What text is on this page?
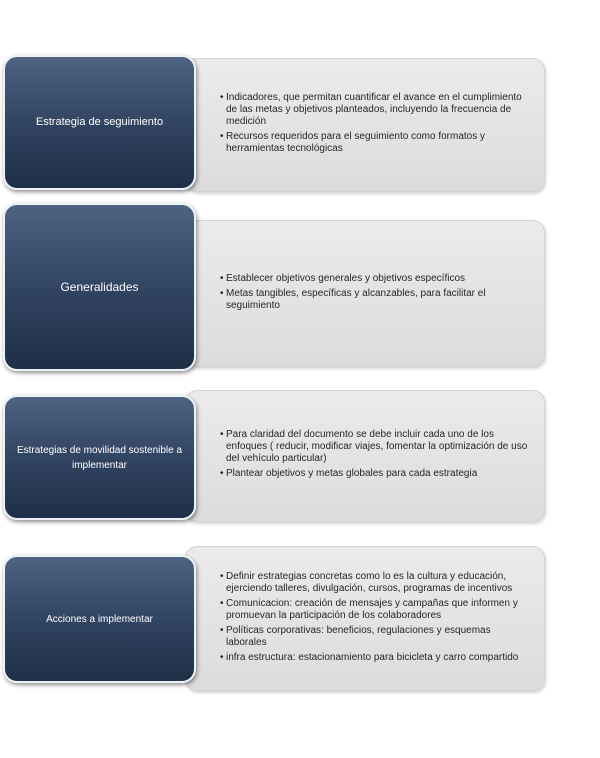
• Indicadores, que permitan cuantificar el avance en el cumplimiento de las metas y objetivos planteados, incluyendo la frecuencia de medición
• Recursos requeridos para el seguimiento como formatos y herramientas tecnológicas
Estrategia de seguimiento
• Establecer objetivos generales y objetivos específicos
• Metas tangibles, específicas y alcanzables, para facilitar el seguimiento
Generalidades
• Para claridad del documento se debe incluir cada uno de los enfoques ( reducir, modificar viajes, fomentar la optimización de uso del vehículo particular)
• Plantear objetivos y metas globales para cada estrategia
Estrategias de movilidad sostenible a implementar
• Definir estrategias concretas como lo es la cultura y educación, ejerciendo talleres, divulgación, cursos, programas de incentivos
• Comunicacion: creación de mensajes y campañas que informen y promuevan la participación de los colaboradores
• Políticas corporativas: beneficios, regulaciones y esquemas laborales
• infra estructura: estacionamiento para bicicleta y carro compartido
Acciones a implementar
